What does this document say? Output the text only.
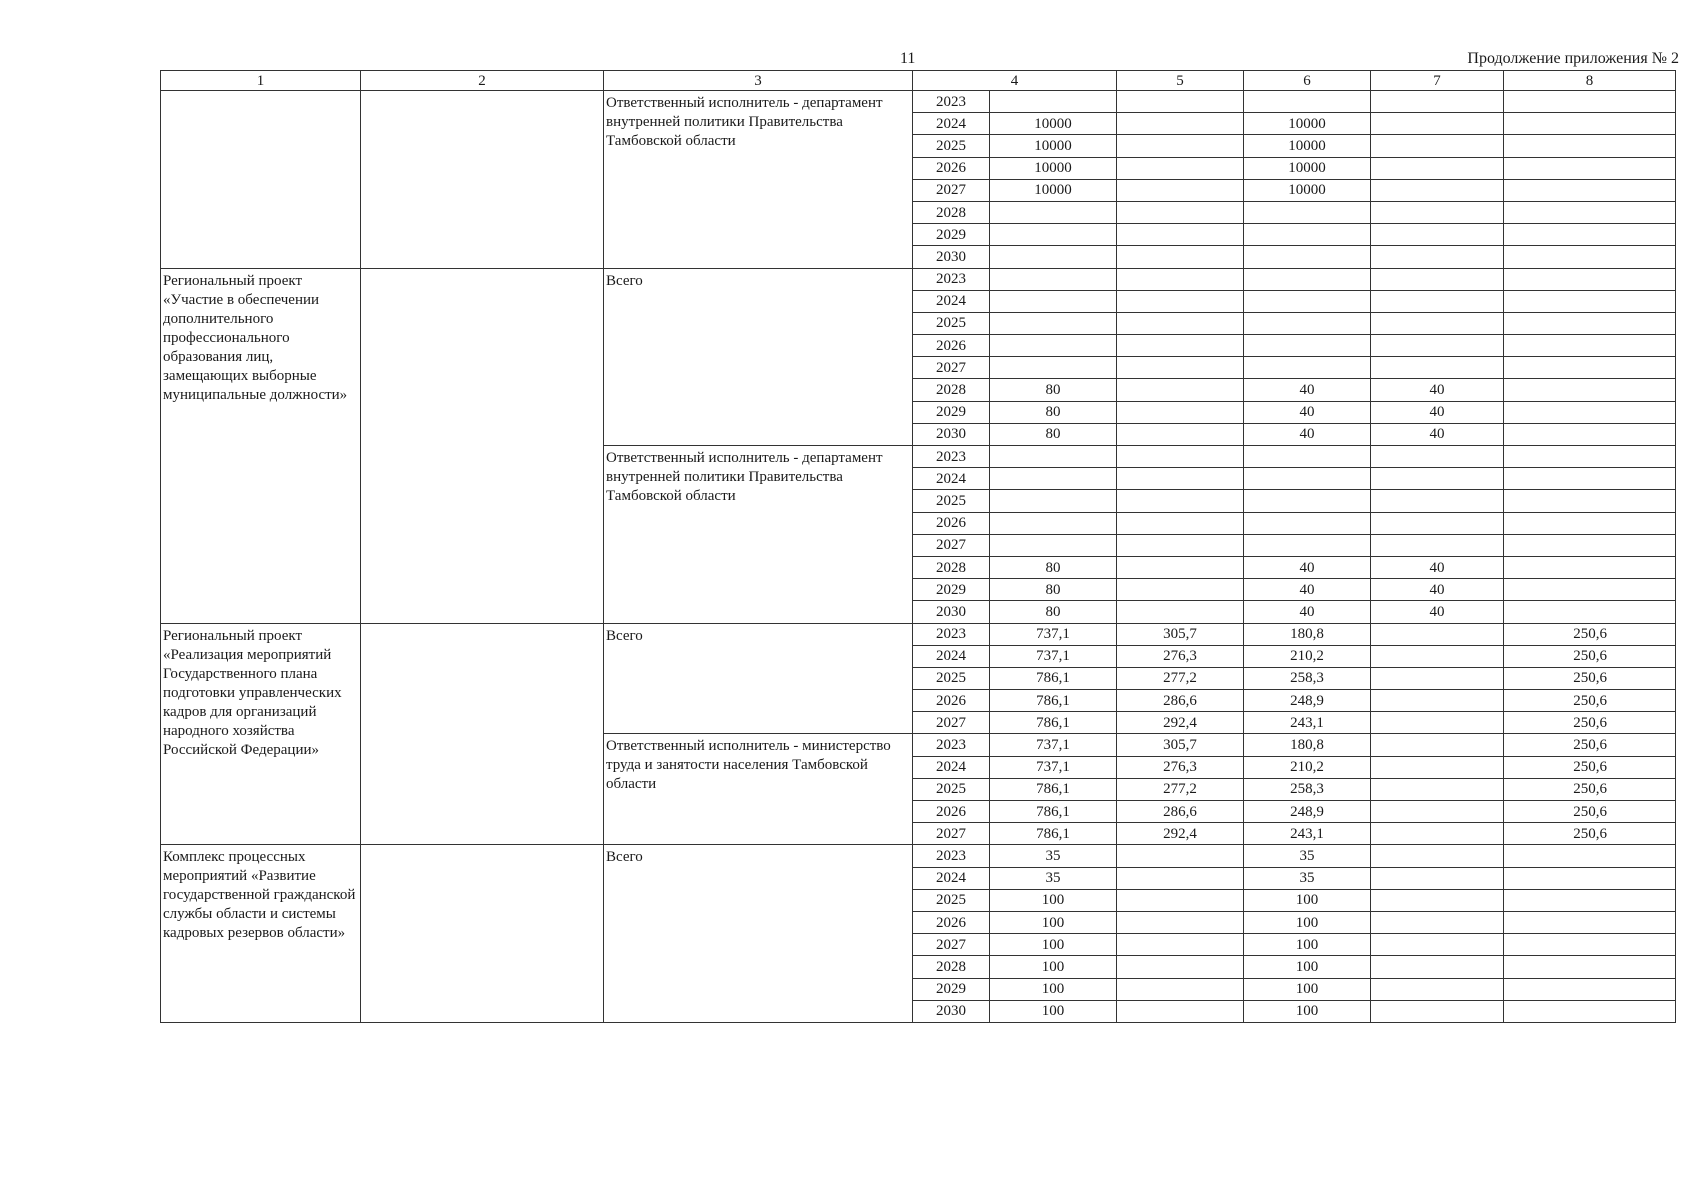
11	Продолжение приложения № 2
1	2	3	4		5	6	7	8
		Ответственный исполнитель - департамент внутренней политики Правительства Тамбовской области	2023					
			2024	10000		10000		
			2025	10000		10000		
			2026	10000		10000		
			2027	10000		10000		
			2028					
			2029					
			2030					
Региональный проект «Участие в обеспечении дополнительного профессионального образования лиц, замещающих выборные муниципальные должности»		Всего	2023					
			2024					
			2025					
			2026					
			2027					
			2028	80		40	40	
			2029	80		40	40	
			2030	80		40	40	
		Ответственный исполнитель - департамент внутренней политики Правительства Тамбовской области	2023					
			2024					
			2025					
			2026					
			2027					
			2028	80		40	40	
			2029	80		40	40	
			2030	80		40	40	
Региональный проект «Реализация мероприятий Государственного плана подготовки управленческих кадров для организаций народного хозяйства Российской Федерации»		Всего	2023	737,1	305,7	180,8		250,6
			2024	737,1	276,3	210,2		250,6
			2025	786,1	277,2	258,3		250,6
			2026	786,1	286,6	248,9		250,6
			2027	786,1	292,4	243,1		250,6
		Ответственный исполнитель - министерство труда и занятости населения Тамбовской области	2023	737,1	305,7	180,8		250,6
			2024	737,1	276,3	210,2		250,6
			2025	786,1	277,2	258,3		250,6
			2026	786,1	286,6	248,9		250,6
			2027	786,1	292,4	243,1		250,6
Комплекс процессных мероприятий «Развитие государственной гражданской службы области и системы кадровых резервов области»		Всего	2023	35		35		
			2024	35		35		
			2025	100		100		
			2026	100		100		
			2027	100		100		
			2028	100		100		
			2029	100		100		
			2030	100		100		
